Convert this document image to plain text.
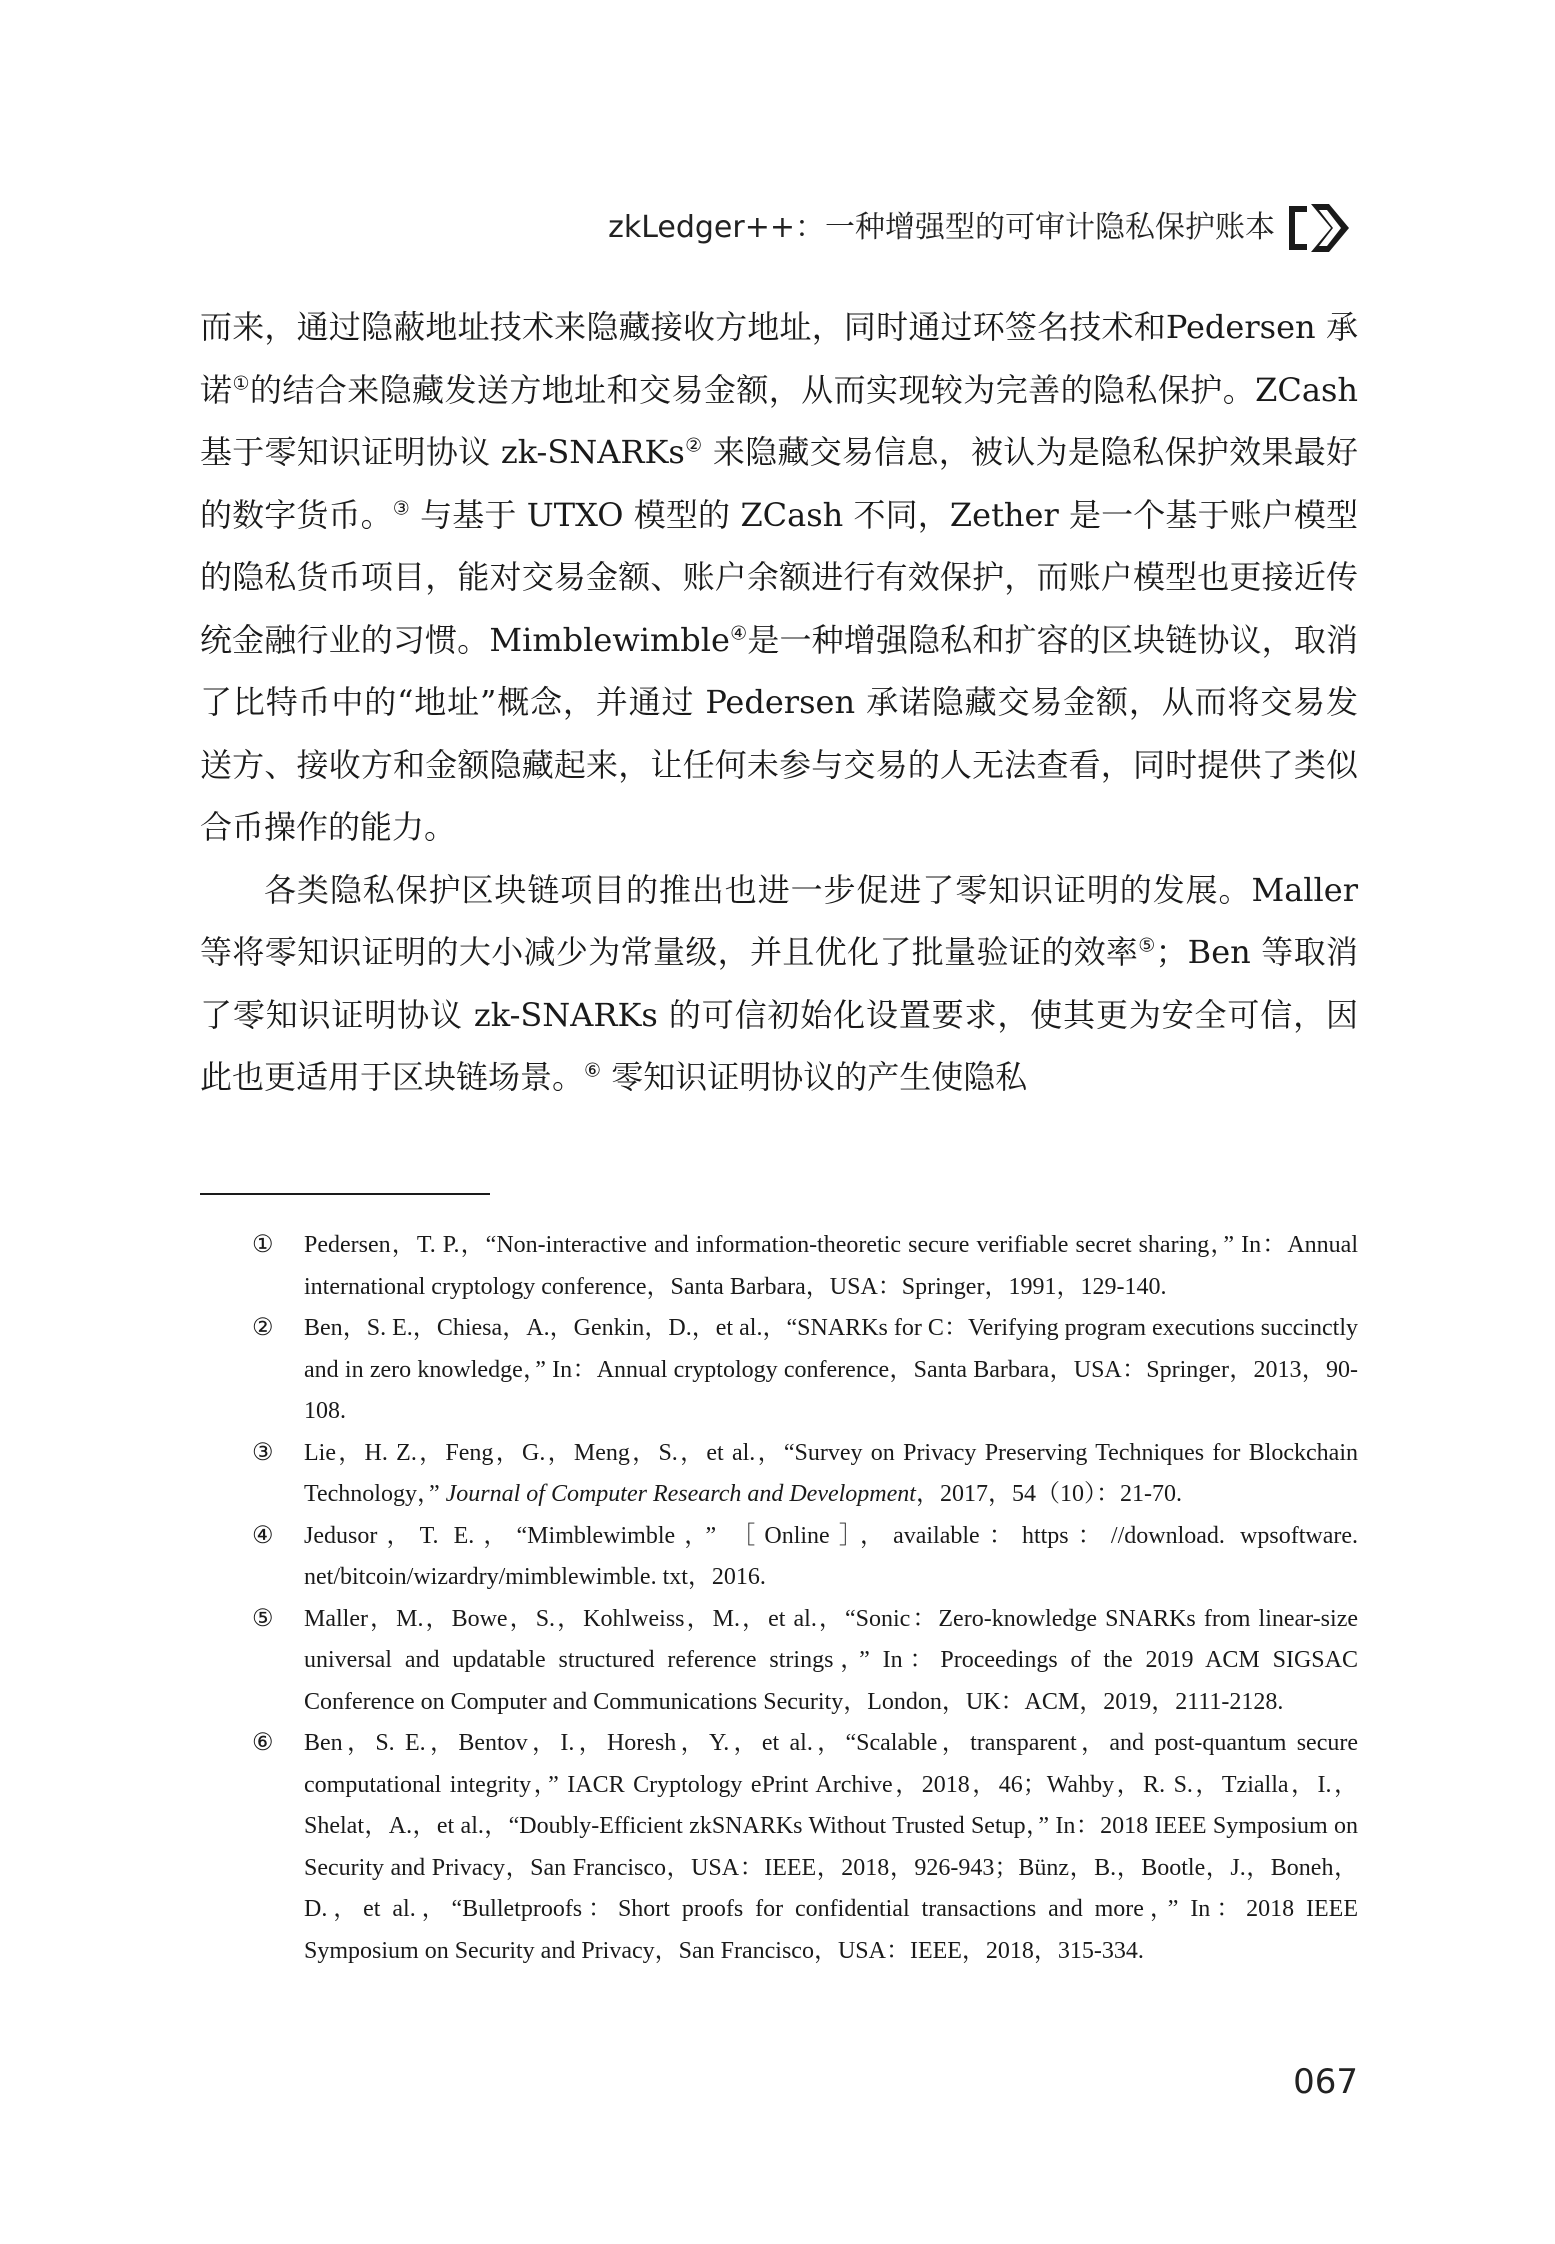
zkLedger++：一种增强型的可审计隐私保护账本

而来，通过隐蔽地址技术来隐藏接收方地址，同时通过环签名技术和Pedersen 承诺①的结合来隐藏发送方地址和交易金额，从而实现较为完善的隐私保护。ZCash 基于零知识证明协议 zk-SNARKs② 来隐藏交易信息，被认为是隐私保护效果最好的数字货币。③ 与基于 UTXO 模型的 ZCash 不同，Zether 是一个基于账户模型的隐私货币项目，能对交易金额、账户余额进行有效保护，而账户模型也更接近传统金融行业的习惯。Mimblewimble④是一种增强隐私和扩容的区块链协议，取消了比特币中的“地址”概念，并通过 Pedersen 承诺隐藏交易金额，从而将交易发送方、接收方和金额隐藏起来，让任何未参与交易的人无法查看，同时提供了类似合币操作的能力。

各类隐私保护区块链项目的推出也进一步促进了零知识证明的发展。Maller 等将零知识证明的大小减少为常量级，并且优化了批量验证的效率⑤；Ben 等取消了零知识证明协议 zk-SNARKs 的可信初始化设置要求，使其更为安全可信，因此也更适用于区块链场景。⑥ 零知识证明协议的产生使隐私

① Pedersen，T. P.，“Non-interactive and information-theoretic secure verifiable secret sharing，” In：Annual international cryptology conference，Santa Barbara，USA：Springer，1991，129-140.
② Ben，S. E.，Chiesa，A.，Genkin，D.，et al.，“SNARKs for C：Verifying program executions succinctly and in zero knowledge，” In：Annual cryptology conference，Santa Barbara，USA：Springer，2013，90-108.
③ Lie，H. Z.，Feng，G.，Meng，S.，et al.，“Survey on Privacy Preserving Techniques for Blockchain Technology，” Journal of Computer Research and Development，2017，54（10）：21-70.
④ Jedusor，T. E.，“Mimblewimble，” ［Online］，available：https：//download. wpsoftware. net/bitcoin/wizardry/mimblewimble. txt，2016.
⑤ Maller，M.，Bowe，S.，Kohlweiss，M.，et al.，“Sonic：Zero-knowledge SNARKs from linear-size universal and updatable structured reference strings，” In：Proceedings of the 2019 ACM SIGSAC Conference on Computer and Communications Security，London，UK：ACM，2019，2111-2128.
⑥ Ben，S. E.，Bentov，I.，Horesh，Y.，et al.，“Scalable，transparent，and post-quantum secure computational integrity，” IACR Cryptology ePrint Archive，2018，46；Wahby，R. S.，Tzialla，I.，Shelat，A.，et al.，“Doubly-Efficient zkSNARKs Without Trusted Setup，” In：2018 IEEE Symposium on Security and Privacy，San Francisco，USA：IEEE，2018，926-943；Bünz，B.，Bootle，J.，Boneh，D.，et al.，“Bulletproofs：Short proofs for confidential transactions and more，” In：2018 IEEE Symposium on Security and Privacy，San Francisco，USA：IEEE，2018，315-334.
067
